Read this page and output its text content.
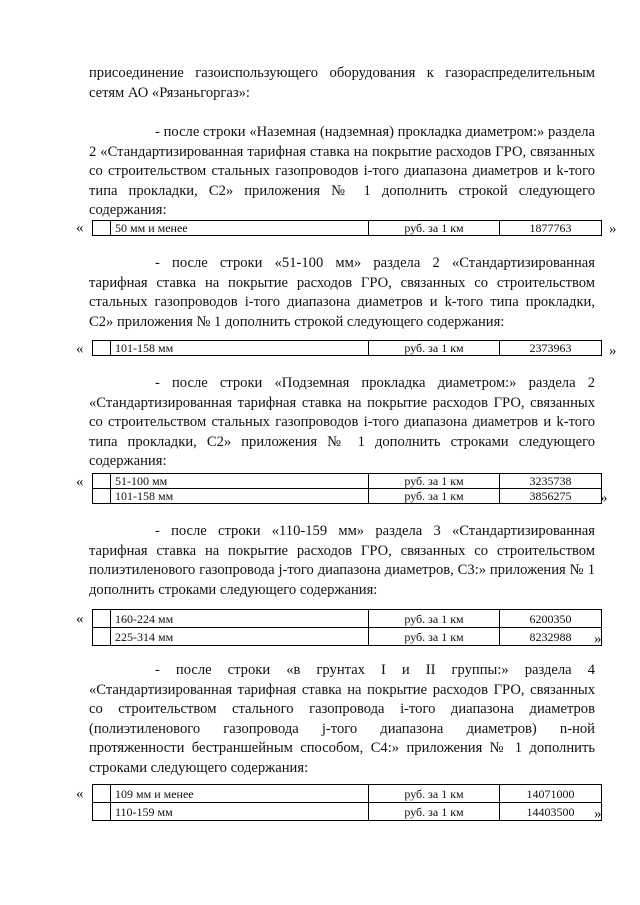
присоединение газоиспользующего оборудования к газораспределительным сетям АО «Рязаньгоргаз»:

- после строки «Наземная (надземная) прокладка диаметром:» раздела 2 «Стандартизированная тарифная ставка на покрытие расходов ГРО, связанных со строительством стальных газопроводов i-того диапазона диаметров и k-того типа прокладки, С2» приложения № 1 дополнить строкой следующего содержания:

«
		50 мм и менее	руб. за 1 км	1877763	»

- после строки «51-100 мм» раздела 2 «Стандартизированная тарифная ставка на покрытие расходов ГРО, связанных со строительством стальных газопроводов i-того диапазона диаметров и k-того типа прокладки, С2» приложения № 1 дополнить строкой следующего содержания:

«
		101-158 мм	руб. за 1 км	2373963	»

- после строки «Подземная прокладка диаметром:» раздела 2 «Стандартизированная тарифная ставка на покрытие расходов ГРО, связанных со строительством стальных газопроводов i-того диапазона диаметров и k-того типа прокладки, С2» приложения № 1 дополнить строками следующего содержания:

«
		51-100 мм	руб. за 1 км	3235738
	101-158 мм	руб. за 1 км	3856275 »

- после строки «110-159 мм» раздела 3 «Стандартизированная тарифная ставка на покрытие расходов ГРО, связанных со строительством полиэтиленового газопровода j-того диапазона диаметров, С3:» приложения № 1 дополнить строками следующего содержания:

«
		160-224 мм	руб. за 1 км	6200350
	225-314 мм	руб. за 1 км	8232988 »

- после строки «в грунтах I и II группы:» раздела 4 «Стандартизированная тарифная ставка на покрытие расходов ГРО, связанных со строительством стального газопровода i-того диапазона диаметров (полиэтиленового газопровода j-того диапазона диаметров) n-ной протяженности бестраншейным способом, С4:» приложения № 1 дополнить строками следующего содержания:

«
		109 мм и менее	руб. за 1 км	14071000
	110-159 мм	руб. за 1 км	14403500 »
